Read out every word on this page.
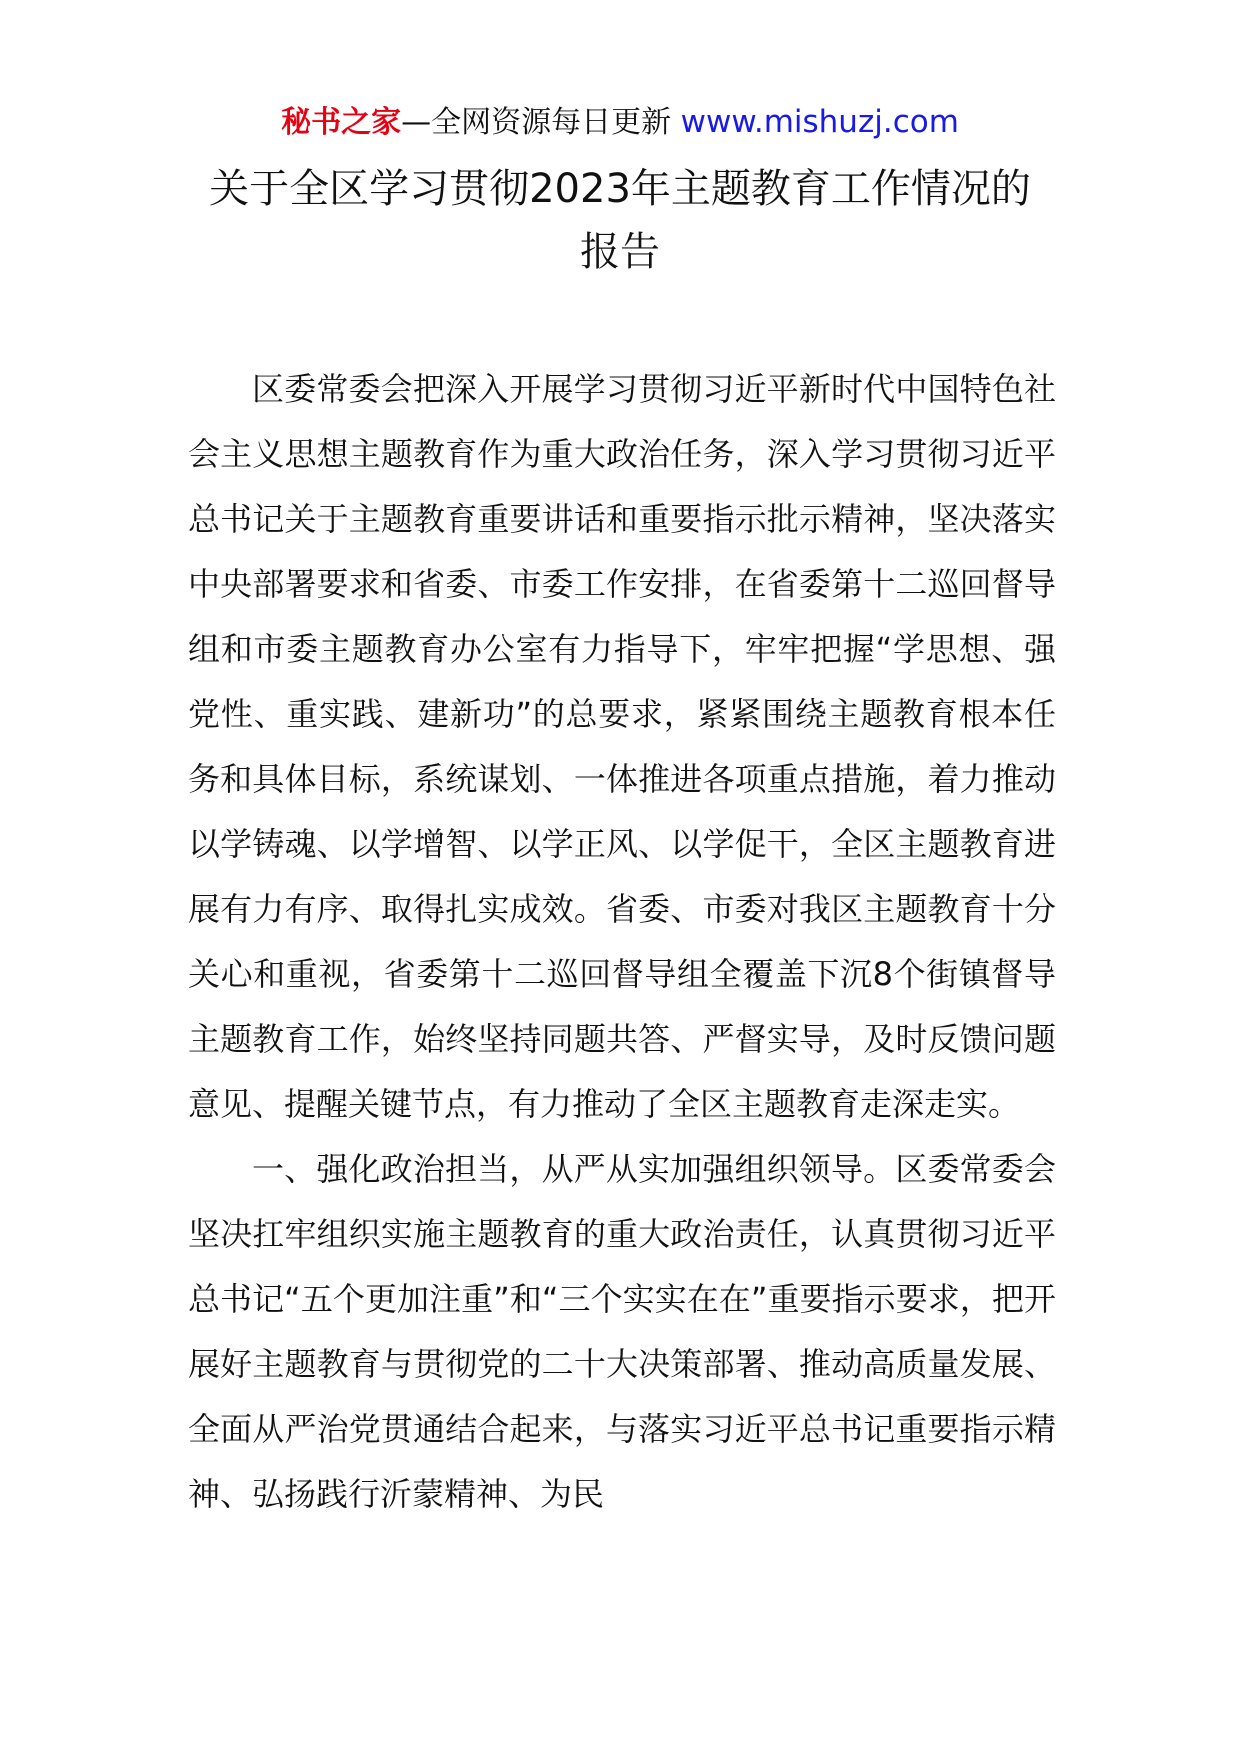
秘书之家—全网资源每日更新 www.mishuzj.com
关于全区学习贯彻2023年主题教育工作情况的
报告

区委常委会把深入开展学习贯彻习近平新时代中国特色社会主义思想主题教育作为重大政治任务，深入学习贯彻习近平总书记关于主题教育重要讲话和重要指示批示精神，坚决落实中央部署要求和省委、市委工作安排，在省委第十二巡回督导组和市委主题教育办公室有力指导下，牢牢把握“学思想、强党性、重实践、建新功”的总要求，紧紧围绕主题教育根本任务和具体目标，系统谋划、一体推进各项重点措施，着力推动以学铸魂、以学增智、以学正风、以学促干，全区主题教育进展有力有序、取得扎实成效。省委、市委对我区主题教育十分关心和重视，省委第十二巡回督导组全覆盖下沉8个街镇督导主题教育工作，始终坚持同题共答、严督实导，及时反馈问题意见、提醒关键节点，有力推动了全区主题教育走深走实。

一、强化政治担当，从严从实加强组织领导。区委常委会坚决扛牢组织实施主题教育的重大政治责任，认真贯彻习近平总书记“五个更加注重”和“三个实实在在”重要指示要求，把开展好主题教育与贯彻党的二十大决策部署、推动高质量发展、全面从严治党贯通结合起来，与落实习近平总书记重要指示精神、弘扬践行沂蒙精神、为民
